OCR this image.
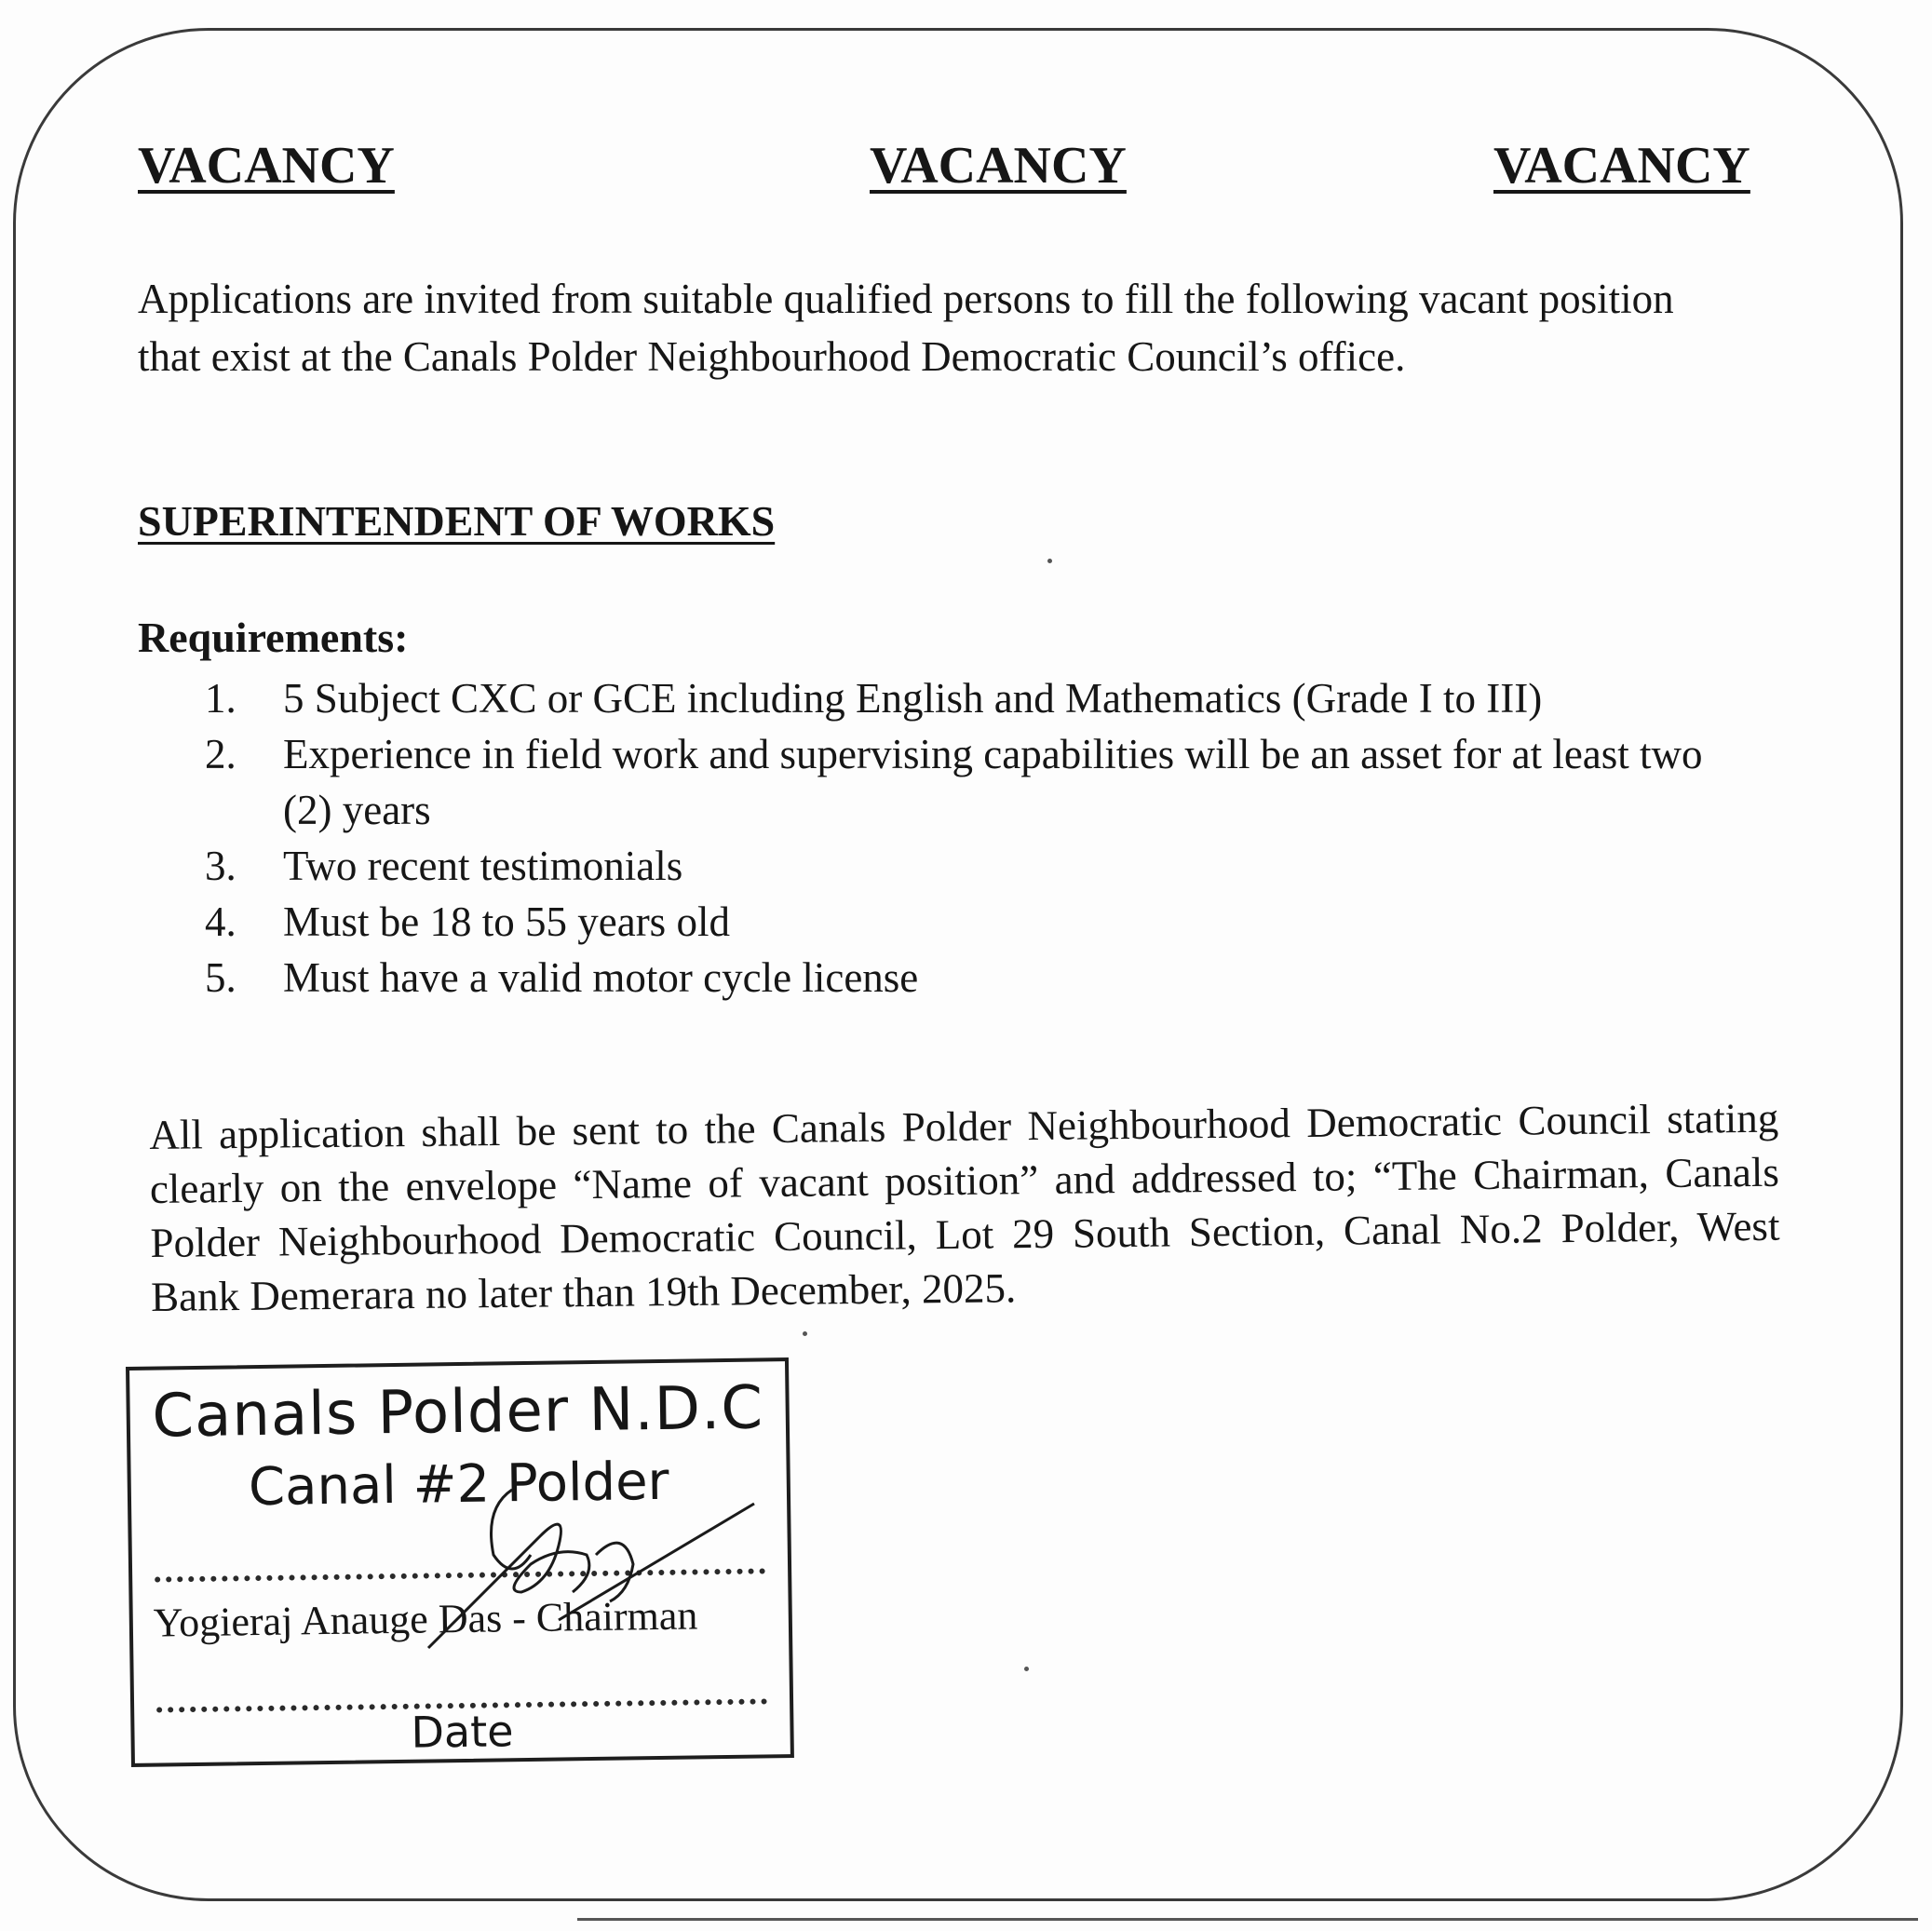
VACANCY	VACANCY	VACANCY

Applications are invited from suitable qualified persons to fill the following vacant position that exist at the Canals Polder Neighbourhood Democratic Council’s office.

SUPERINTENDENT OF WORKS
Requirements:
1.	5 Subject CXC or GCE including English and Mathematics (Grade I to III)
2.	Experience in field work and supervising capabilities will be an asset for at least two (2) years
3.	Two recent testimonials
4.	Must be 18 to 55 years old
5.	Must have a valid motor cycle license

All application shall be sent to the Canals Polder Neighbourhood Democratic Council stating clearly on the envelope “Name of vacant position” and addressed to; “The Chairman, Canals Polder Neighbourhood Democratic Council, Lot 29 South Section, Canal No.2 Polder, West Bank Demerara no later than 19th December, 2025.

Canals Polder N.D.C
Canal #2 Polder
Yogieraj Anauge Das - Chairman
Date
